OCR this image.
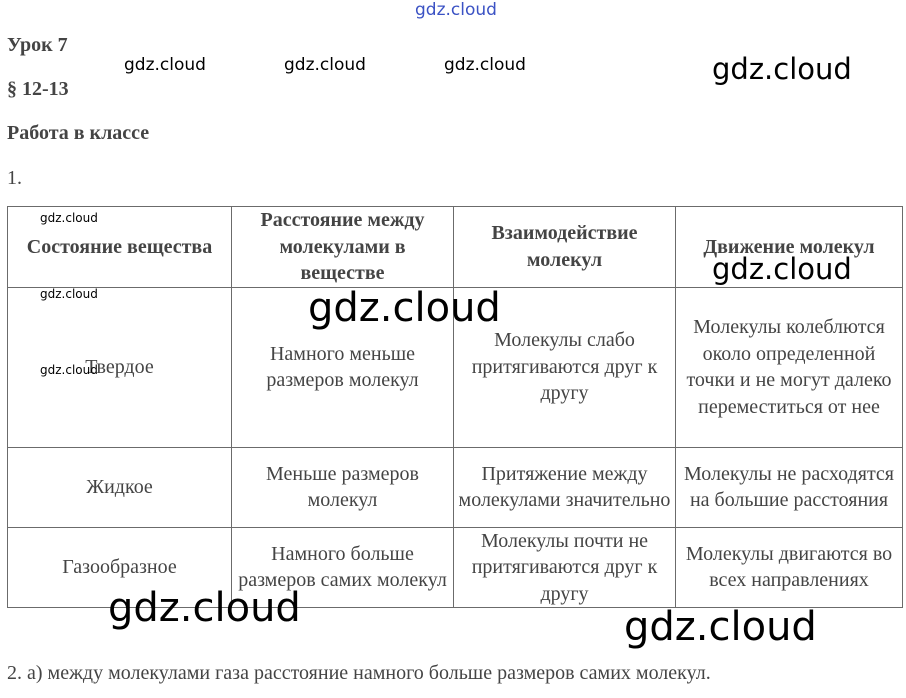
gdz.cloud
Урок 7
§ 12-13
Работа в классе
1.
gdz.cloud	gdz.cloud	gdz.cloud	gdz.cloud
Состояние вещества	Расстояние между молекулами в веществе	Взаимодействие молекул	Движение молекул
Твердое	Намного меньше размеров молекул	Молекулы слабо притягиваются друг к другу	Молекулы колеблются около определенной точки и не могут далеко переместиться от нее
Жидкое	Меньше размеров молекул	Притяжение между молекулами значительно	Молекулы не расходятся на большие расстояния
Газообразное	Намного больше размеров самих молекул	Молекулы почти не притягиваются друг к другу	Молекулы двигаются во всех направлениях
gdz.cloud
gdz.cloud
gdz.cloud
gdz.cloud
gdz.cloud
gdz.cloud	gdz.cloud
2. а) между молекулами газа расстояние намного больше размеров самих молекул.
